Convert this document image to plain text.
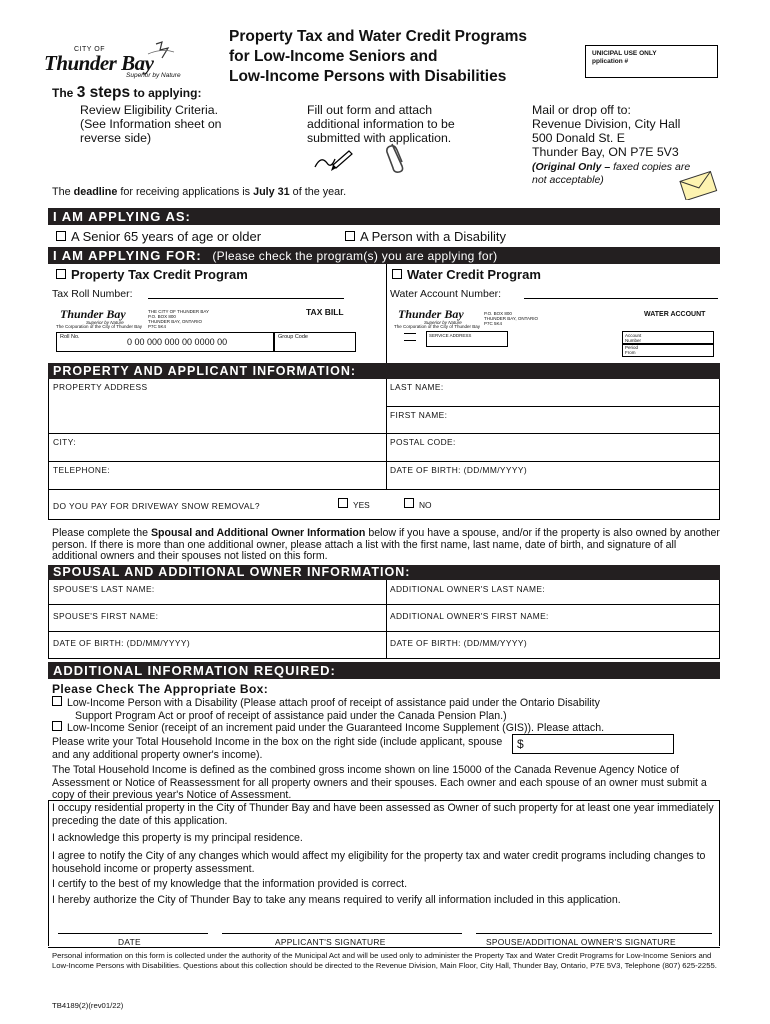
CITY OF
Thunder Bay
Superior by Nature
Property Tax and Water Credit Programs
for Low-Income Seniors and
Low-Income Persons with Disabilities
UNICIPAL USE ONLY
pplication #
The 3 steps to applying:
Review Eligibility Criteria.
(See Information sheet on
reverse side)
Fill out form and attach
additional information to be
submitted with application.
Mail or drop off to:
Revenue Division, City Hall
500 Donald St. E
Thunder Bay, ON P7E 5V3
(Original Only – faxed copies are
not acceptable)
The deadline for receiving applications is July 31 of the year.
I AM APPLYING AS:
A Senior 65 years of age or older	A Person with a Disability
I AM APPLYING FOR: (Please check the program(s) you are applying for)
Property Tax Credit Program	Water Credit Program
Tax Roll Number:	Water Account Number:
Thunder Bay
Superior by Nature
The Corporation of the City of Thunder Bay
THE CITY OF THUNDER BAY
P.O. BOX 800
THUNDER BAY, ONTARIO
P7C 5K4
TAX BILL
Roll No.	0 00 000 000 00 0000 00	Group Code
Thunder Bay
Superior by Nature
The Corporation of the City of Thunder Bay
P.O. BOX 800
THUNDER BAY, ONTARIO
P7C 5K4
WATER ACCOUNT
SERVICE ADDRESS	Account
Number
Period
From
PROPERTY AND APPLICANT INFORMATION:
PROPERTY ADDRESS	LAST NAME:
FIRST NAME:
CITY:	POSTAL CODE:
TELEPHONE:	DATE OF BIRTH: (DD/MM/YYYY)
DO YOU PAY FOR DRIVEWAY SNOW REMOVAL?	YES	NO
Please complete the Spousal and Additional Owner Information below if you have a spouse, and/or if the property is also owned by another person. If there is more than one additional owner, please attach a list with the first name, last name, date of birth, and signature of all additional owners and their spouses not listed on this form.
SPOUSAL AND ADDITIONAL OWNER INFORMATION:
SPOUSE'S LAST NAME:	ADDITIONAL OWNER'S LAST NAME:
SPOUSE'S FIRST NAME:	ADDITIONAL OWNER'S FIRST NAME:
DATE OF BIRTH: (DD/MM/YYYY)	DATE OF BIRTH: (DD/MM/YYYY)
ADDITIONAL INFORMATION REQUIRED:
Please Check The Appropriate Box:
Low-Income Person with a Disability (Please attach proof of receipt of assistance paid under the Ontario Disability
Support Program Act or proof of receipt of assistance paid under the Canada Pension Plan.)
Low-Income Senior (receipt of an increment paid under the Guaranteed Income Supplement (GIS)). Please attach.
Please write your Total Household Income in the box on the right side (include applicant, spouse and any additional property owner's income).
$
The Total Household Income is defined as the combined gross income shown on line 15000 of the Canada Revenue Agency Notice of Assessment or Notice of Reassessment for all property owners and their spouses. Each owner and each spouse of an owner must submit a copy of their previous year's Notice of Assessment.
I occupy residential property in the City of Thunder Bay and have been assessed as Owner of such property for at least one year immediately preceding the date of this application.
I acknowledge this property is my principal residence.
I agree to notify the City of any changes which would affect my eligibility for the property tax and water credit programs including changes to household income or property assessment.
I certify to the best of my knowledge that the information provided is correct.
I hereby authorize the City of Thunder Bay to take any means required to verify all information included in this application.
DATE	APPLICANT'S SIGNATURE	SPOUSE/ADDITIONAL OWNER'S SIGNATURE
Personal information on this form is collected under the authority of the Municipal Act and will be used only to administer the Property Tax and Water Credit Programs for Low-Income Seniors and Low-Income Persons with Disabilities. Questions about this collection should be directed to the Revenue Division, Main Floor, City Hall, Thunder Bay, Ontario, P7E 5V3, Telephone (807) 625-2255.
TB4189(2)(rev01/22)
